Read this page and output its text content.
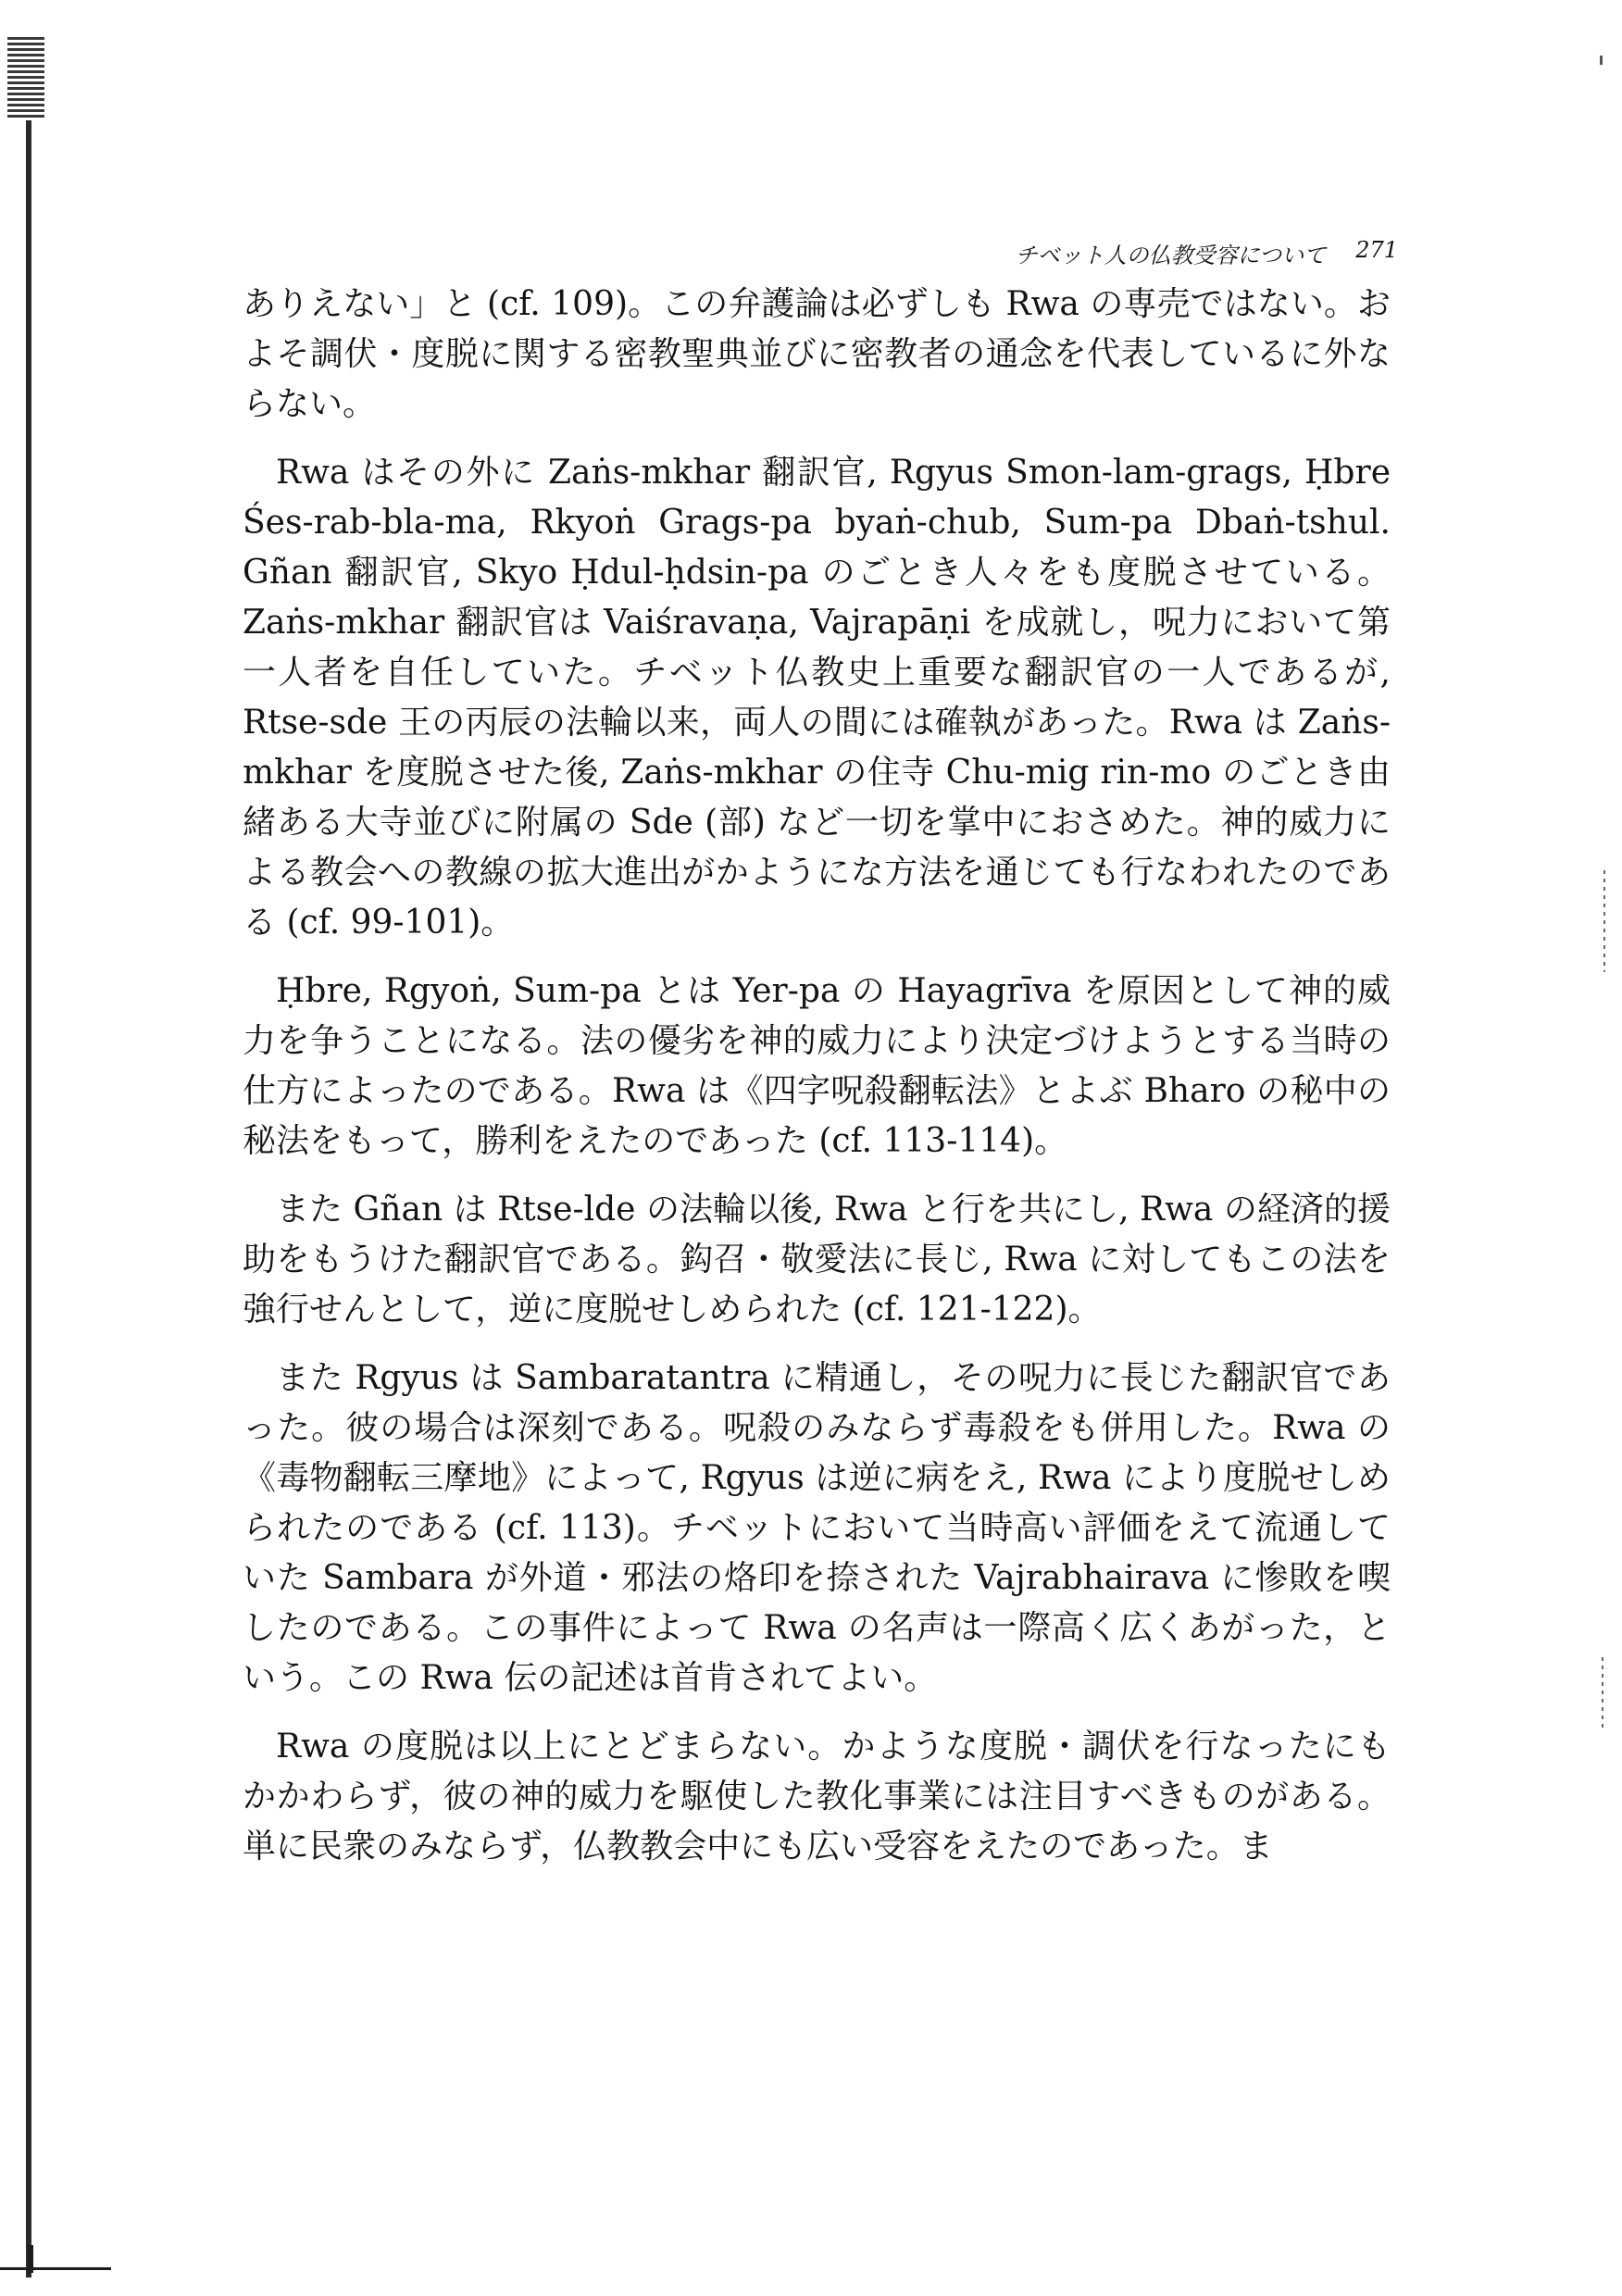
チベット人の仏教受容について 271

ありえない」と (cf. 109)。この弁護論は必ずしも Rwa の専売ではない。およそ調伏・度脱に関する密教聖典並びに密教者の通念を代表しているに外ならない。

Rwa はその外に Zaṅs-mkhar 翻訳官, Rgyus Smon-lam-grags, Ḥbre Śes-rab-bla-ma, Rkyoṅ Grags-pa byaṅ-chub, Sum-pa Dbaṅ-tshul. Gñan 翻訳官, Skyo Ḥdul-ḥdsin-pa のごとき人々をも度脱させている。Zaṅs-mkhar 翻訳官は Vaiśravaṇa, Vajrapāṇi を成就し，呪力において第一人者を自任していた。チベット仏教史上重要な翻訳官の一人であるが, Rtse-sde 王の丙辰の法輪以来，両人の間には確執があった。Rwa は Zaṅs-mkhar を度脱させた後, Zaṅs-mkhar の住寺 Chu-mig rin-mo のごとき由緒ある大寺並びに附属の Sde (部) など一切を掌中におさめた。神的威力による教会への教線の拡大進出がかようにな方法を通じても行なわれたのである (cf. 99-101)。

Ḥbre, Rgyoṅ, Sum-pa とは Yer-pa の Hayagrīva を原因として神的威力を争うことになる。法の優劣を神的威力により決定づけようとする当時の仕方によったのである。Rwa は《四字呪殺翻転法》とよぶ Bharo の秘中の秘法をもって，勝利をえたのであった (cf. 113-114)。

また Gñan は Rtse-lde の法輪以後, Rwa と行を共にし, Rwa の経済的援助をもうけた翻訳官である。鈎召・敬愛法に長じ, Rwa に対してもこの法を強行せんとして，逆に度脱せしめられた (cf. 121-122)。

また Rgyus は Sambaratantra に精通し，その呪力に長じた翻訳官であった。彼の場合は深刻である。呪殺のみならず毒殺をも併用した。Rwa の《毒物翻転三摩地》によって, Rgyus は逆に病をえ, Rwa により度脱せしめられたのである (cf. 113)。チベットにおいて当時高い評価をえて流通していた Sambara が外道・邪法の烙印を捺された Vajrabhairava に惨敗を喫したのである。この事件によって Rwa の名声は一際高く広くあがった，という。この Rwa 伝の記述は首肯されてよい。

Rwa の度脱は以上にとどまらない。かような度脱・調伏を行なったにもかかわらず，彼の神的威力を駆使した教化事業には注目すべきものがある。単に民衆のみならず，仏教教会中にも広い受容をえたのであった。ま
